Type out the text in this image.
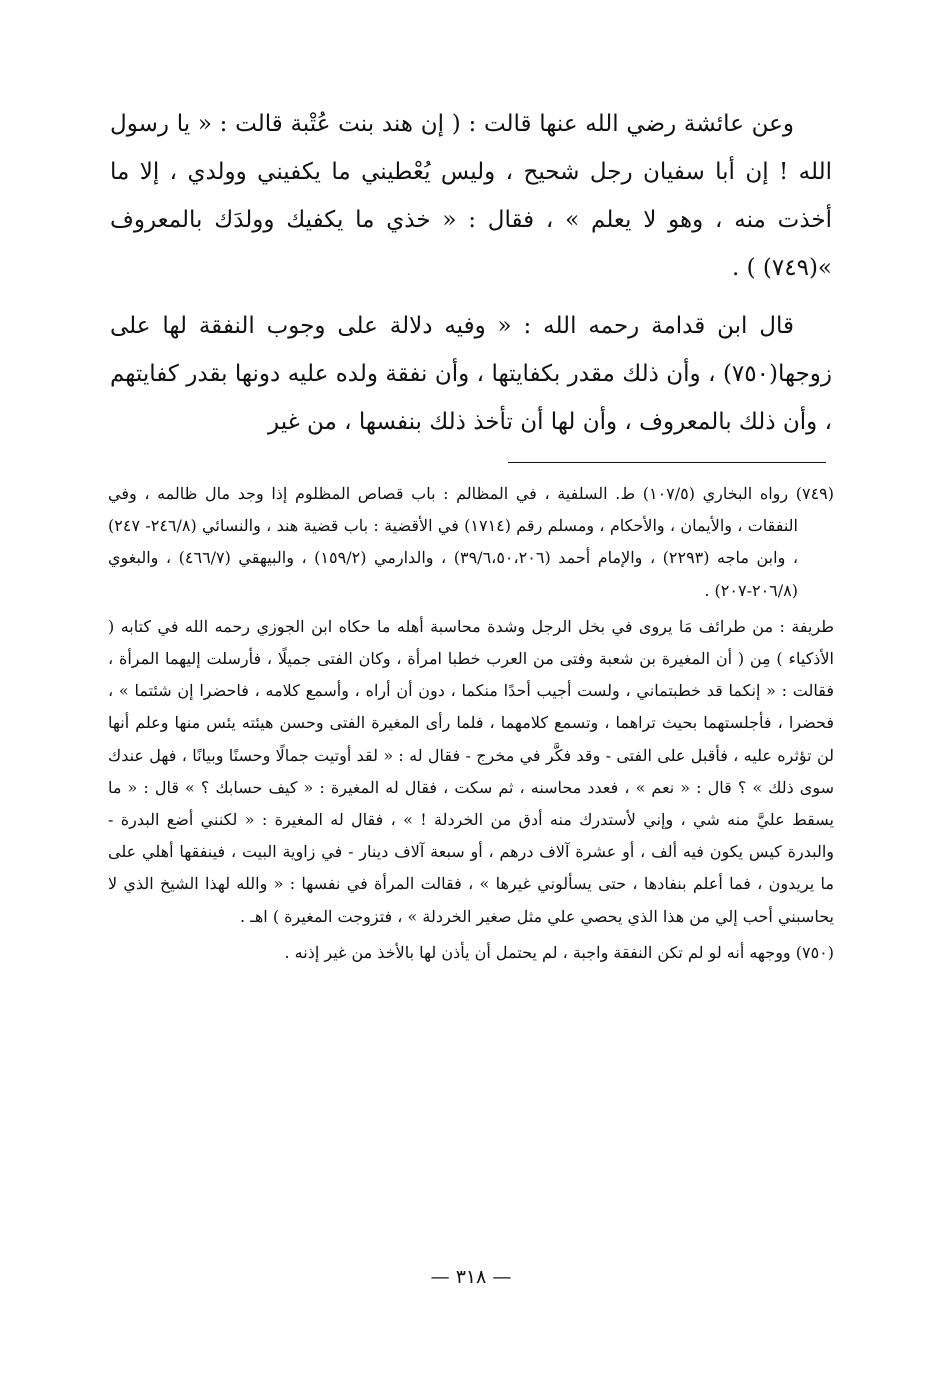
وعن عائشة رضي الله عنها قالت : ( إن هند بنت عُتْبة قالت : « يا رسول الله ! إن أبا سفيان رجل شحيح ، وليس يُعْطيني ما يكفيني وولدي ، إلا ما أخذت منه ، وهو لا يعلم » ، فقال : « خذي ما يكفيك وولدَك بالمعروف »(٧٤٩) ) .

قال ابن قدامة رحمه الله : « وفيه دلالة على وجوب النفقة لها على زوجها(٧٥٠) ، وأن ذلك مقدر بكفايتها ، وأن نفقة ولده عليه دونها بقدر كفايتهم ، وأن ذلك بالمعروف ، وأن لها أن تأخذ ذلك بنفسها ، من غير

(٧٤٩) رواه البخاري (١٠٧/٥) ط. السلفية ، في المظالم : باب قصاص المظلوم إذا وجد مال ظالمه ، وفي النفقات ، والأيمان ، والأحكام ، ومسلم رقم (١٧١٤) في الأقضية : باب قضية هند ، والنسائي (٢٤٦/٨- ٢٤٧) ، وابن ماجه (٢٢٩٣) ، والإمام أحمد (٣٩/٦،٥٠،٢٠٦) ، والدارمي (١٥٩/٢) ، والبيهقي (٤٦٦/٧) ، والبغوي (٢٠٦/٨-٢٠٧) .

طريفة : من طرائف مَا يروى في بخل الرجل وشدة محاسبة أهله ما حكاه ابن الجوزي رحمه الله في كتابه ( الأذكياء ) مِن ( أن المغيرة بن شعبة وفتى من العرب خطبا امرأة ، وكان الفتى جميلًا ، فأرسلت إليهما المرأة ، فقالت : « إنكما قد خطبتماني ، ولست أجيب أحدًا منكما ، دون أن أراه ، وأسمع كلامه ، فاحضرا إن شئتما » ، فحضرا ، فأجلستهما بحيث تراهما ، وتسمع كلامهما ، فلما رأى المغيرة الفتى وحسن هيئته يئس منها وعلم أنها لن تؤثره عليه ، فأقبل على الفتى - وقد فكَّر في مخرج - فقال له : « لقد أوتيت جمالًا وحسنًا وبيانًا ، فهل عندك سوى ذلك » ؟ قال : « نعم » ، فعدد محاسنه ، ثم سكت ، فقال له المغيرة : « كيف حسابك ؟ » قال : « ما يسقط عليَّ منه شي ، وإني لأستدرك منه أدق من الخردلة ! » ، فقال له المغيرة : « لكنني أضع البدرة - والبدرة كيس يكون فيه ألف ، أو عشرة آلاف درهم ، أو سبعة آلاف دينار - في زاوية البيت ، فينفقها أهلي على ما يريدون ، فما أعلم بنفادها ، حتى يسألوني غيرها » ، فقالت المرأة في نفسها : « والله لهذا الشيخ الذي لا يحاسبني أحب إلي من هذا الذي يحصي علي مثل صغير الخردلة » ، فتزوجت المغيرة ) اهـ .

(٧٥٠) ووجهه أنه لو لم تكن النفقة واجبة ، لم يحتمل أن يأذن لها بالأخذ من غير إذنه .

— ٣١٨ —
